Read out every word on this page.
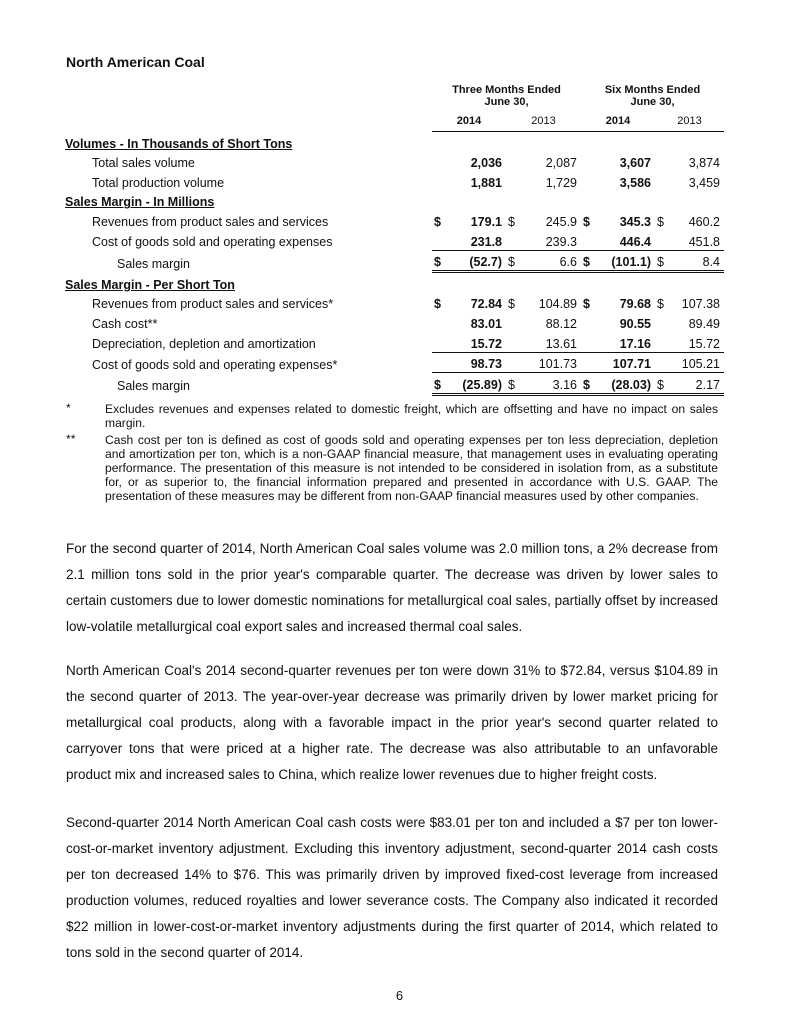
North American Coal
	Three Months Ended
June 30,				Six Months Ended
June 30,			
	2014		2013		2014		2013	
Volumes - In Thousands of Short Tons								
Total sales volume		2,036		2,087		3,607		3,874
Total production volume		1,881		1,729		3,586		3,459
Sales Margin - In Millions								
Revenues from product sales and services	$	179.1	$	245.9	$	345.3	$	460.2
Cost of goods sold and operating expenses		231.8		239.3		446.4		451.8
Sales margin	$	(52.7)	$	6.6	$	(101.1)	$	8.4
Sales Margin - Per Short Ton								
Revenues from product sales and services*	$	72.84	$	104.89	$	79.68	$	107.38
Cash cost**		83.01		88.12		90.55		89.49
Depreciation, depletion and amortization		15.72		13.61		17.16		15.72
Cost of goods sold and operating expenses*		98.73		101.73		107.71		105.21
Sales margin	$	(25.89)	$	3.16	$	(28.03)	$	2.17
*	Excludes revenues and expenses related to domestic freight, which are offsetting and have no impact on sales margin.
** Cash cost per ton is defined as cost of goods sold and operating expenses per ton less depreciation, depletion and amortization per ton, which is a non-GAAP financial measure, that management uses in evaluating operating performance. The presentation of this measure is not intended to be considered in isolation from, as a substitute for, or as superior to, the financial information prepared and presented in accordance with U.S. GAAP. The presentation of these measures may be different from non-GAAP financial measures used by other companies.

For the second quarter of 2014, North American Coal sales volume was 2.0 million tons, a 2% decrease from 2.1 million tons sold in the prior year's comparable quarter. The decrease was driven by lower sales to certain customers due to lower domestic nominations for metallurgical coal sales, partially offset by increased low-volatile metallurgical coal export sales and increased thermal coal sales.

North American Coal's 2014 second-quarter revenues per ton were down 31% to $72.84, versus $104.89 in the second quarter of 2013. The year-over-year decrease was primarily driven by lower market pricing for metallurgical coal products, along with a favorable impact in the prior year's second quarter related to carryover tons that were priced at a higher rate. The decrease was also attributable to an unfavorable product mix and increased sales to China, which realize lower revenues due to higher freight costs.

Second-quarter 2014 North American Coal cash costs were $83.01 per ton and included a $7 per ton lower-cost-or-market inventory adjustment. Excluding this inventory adjustment, second-quarter 2014 cash costs per ton decreased 14% to $76. This was primarily driven by improved fixed-cost leverage from increased production volumes, reduced royalties and lower severance costs. The Company also indicated it recorded $22 million in lower-cost-or-market inventory adjustments during the first quarter of 2014, which related to tons sold in the second quarter of 2014.

6
